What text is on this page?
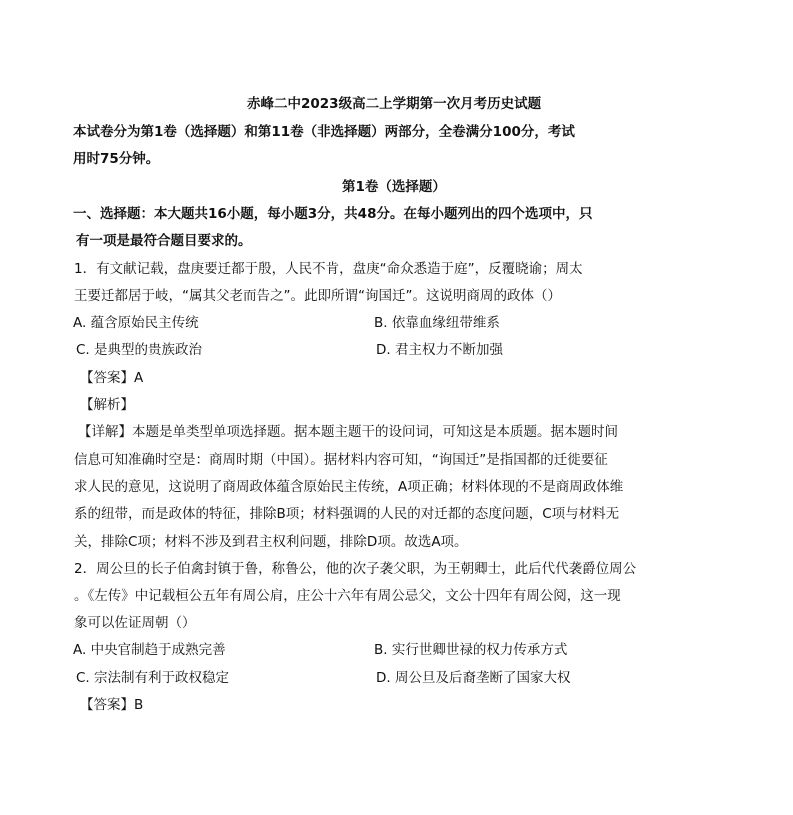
赤峰二中2023级高二上学期第一次月考历史试题
本试卷分为第1卷（选择题）和第11卷（非选择题）两部分，全卷满分100分，考试
用时75分钟。
第1卷（选择题）
一、选择题：本大题共16小题，每小题3分，共48分。在每小题列出的四个选项中，只
有一项是最符合题目要求的。
1．有文献记载，盘庚要迁都于殷，人民不肯，盘庚“命众悉造于庭”，反覆晓谕；周太
王要迁都居于岐，“属其父老而告之”。此即所谓“询国迁”。这说明商周的政体（）
A. 蕴含原始民主传统	B. 依靠血缘纽带维系
C. 是典型的贵族政治	D. 君主权力不断加强
【答案】A
【解析】
【详解】本题是单类型单项选择题。据本题主题干的设问词，可知这是本质题。据本题时间
信息可知准确时空是：商周时期（中国）。据材料内容可知，“询国迁”是指国都的迁徙要征
求人民的意见，这说明了商周政体蕴含原始民主传统，A项正确；材料体现的不是商周政体维
系的纽带，而是政体的特征，排除B项；材料强调的人民的对迁都的态度问题，C项与材料无
关，排除C项；材料不涉及到君主权利问题，排除D项。故选A项。
2．周公旦的长子伯禽封镇于鲁，称鲁公，他的次子袭父职，为王朝卿士，此后代代袭爵位周公
。《左传》中记载桓公五年有周公肩，庄公十六年有周公忌父，文公十四年有周公阅，这一现
象可以佐证周朝（）
A. 中央官制趋于成熟完善	B. 实行世卿世禄的权力传承方式
C. 宗法制有利于政权稳定	D. 周公旦及后裔垄断了国家大权
【答案】B
